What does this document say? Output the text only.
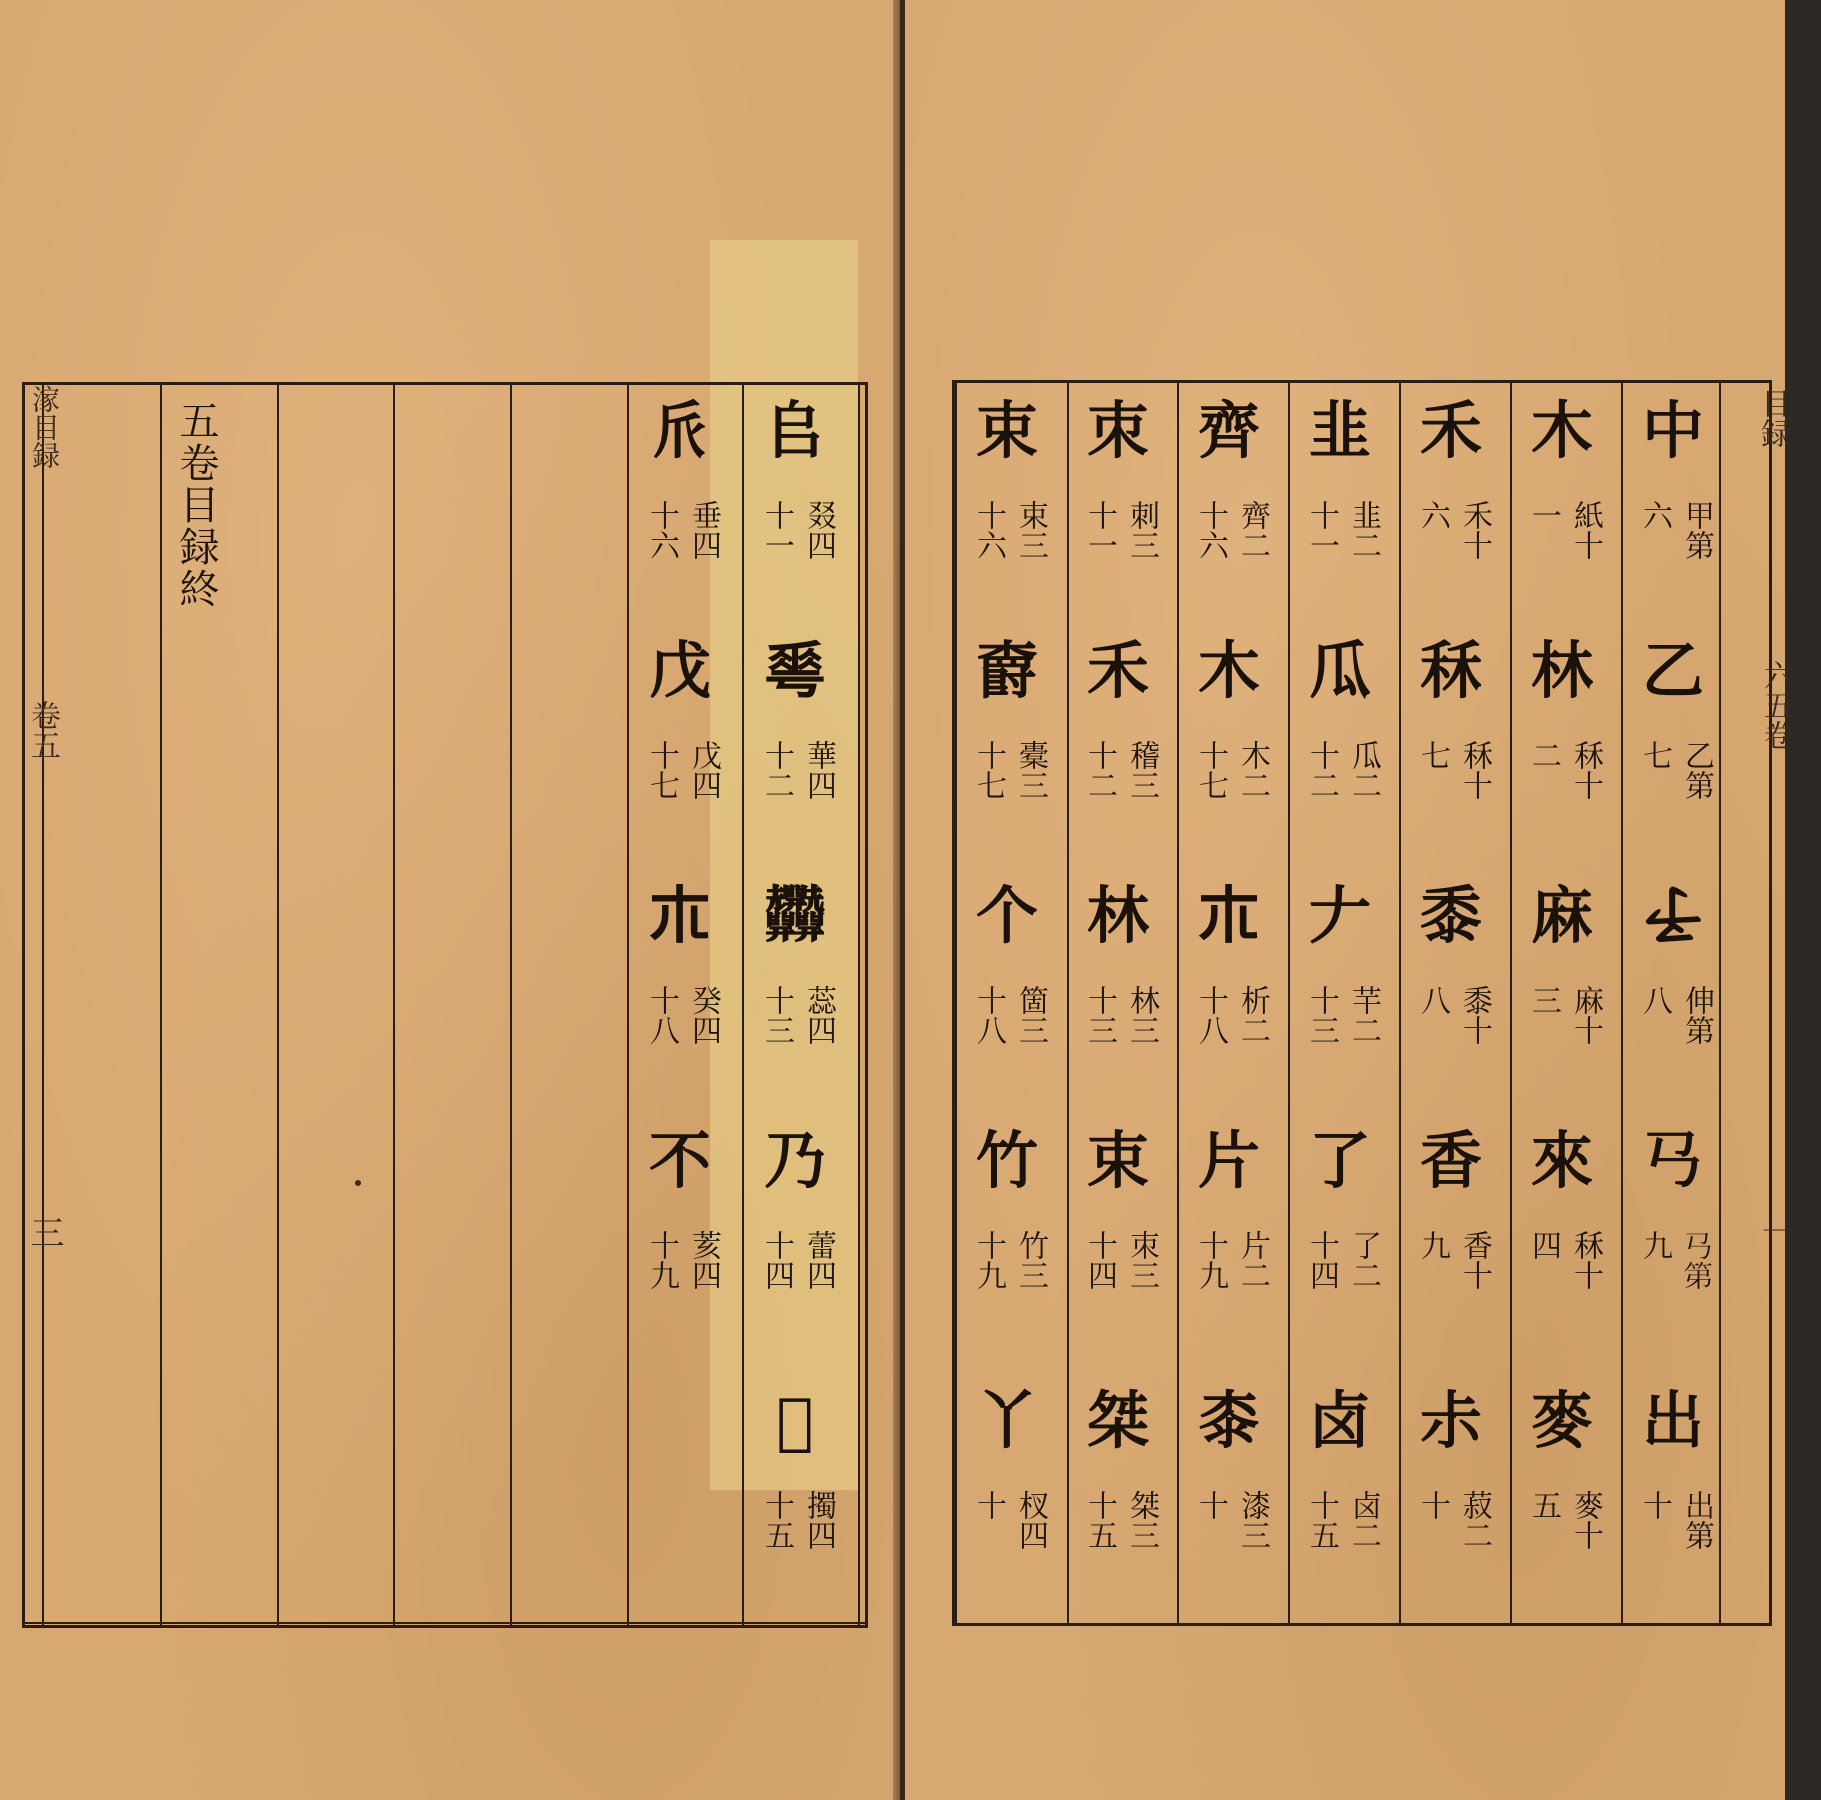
五卷目録終
𣺊目録
卷五
三
𠂤
叕四
十一
𠌶
華四
十二
𦧄
蕊四
十三
乃
蕾四
十四
𠦟
擉四
十五
𠂢
垂四
十六
戊
戊四
十七
𣎳
癸四
十八
不
荄四
十九
目録
六五卷
一
中
甲第
六
乙
乙第
七
𠄔
伸第
八
𢎘
𢎘第
九
出
出第
十
木
紙十
一
林
秝十
二
麻
麻十
三
來
秝十
四
麥
麥十
五
禾
禾十
六
秝
秝十
七
黍
黍十
八
香
香十
九
尗
菽二
十
韭
韭二
十一
瓜
瓜二
十二
𠂇
芉二
十三
了
了二
十四
卤
卤二
十五
齊
齊二
十六
木
木二
十七
𣎳
析二
十八
片
片二
十九
桼
漆三
十
朿
刺三
十一
禾
稽三
十二
林
林三
十三
束
朿三
十四
桀
桀三
十五
束
束三
十六
𣝣
橐三
十七
个
箇三
十八
竹
竹三
十九
丫
杈四
十
